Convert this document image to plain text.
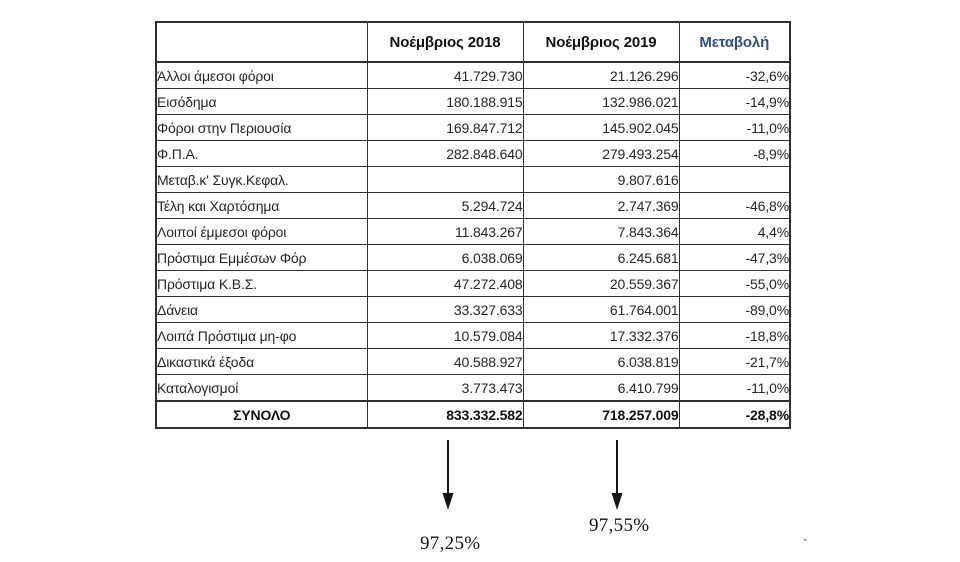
	Νοέμβριος 2018	Νοέμβριος 2019	Μεταβολή
Άλλοι άμεσοι φόροι	41.729.730	21.126.296	-32,6%
Εισόδημα	180.188.915	132.986.021	-14,9%
Φόροι στην Περιουσία	169.847.712	145.902.045	-11,0%
Φ.Π.Α.	282.848.640	279.493.254	-8,9%
Μεταβ.κ' Συγκ.Κεφαλ.		9.807.616	
Τέλη και Χαρτόσημα	5.294.724	2.747.369	-46,8%
Λοιποί έμμεσοι φόροι	11.843.267	7.843.364	4,4%
Πρόστιμα Εμμέσων Φόρ	6.038.069	6.245.681	-47,3%
Πρόστιμα Κ.Β.Σ.	47.272.408	20.559.367	-55,0%
Δάνεια	33.327.633	61.764.001	-89,0%
Λοιπά Πρόστιμα μη-φο	10.579.084	17.332.376	-18,8%
Δικαστικά έξοδα	40.588.927	6.038.819	-21,7%
Καταλογισμοί	3.773.473	6.410.799	-11,0%
ΣΥΝΟΛΟ	833.332.582	718.257.009	-28,8%
97,25%
97,55%
`
